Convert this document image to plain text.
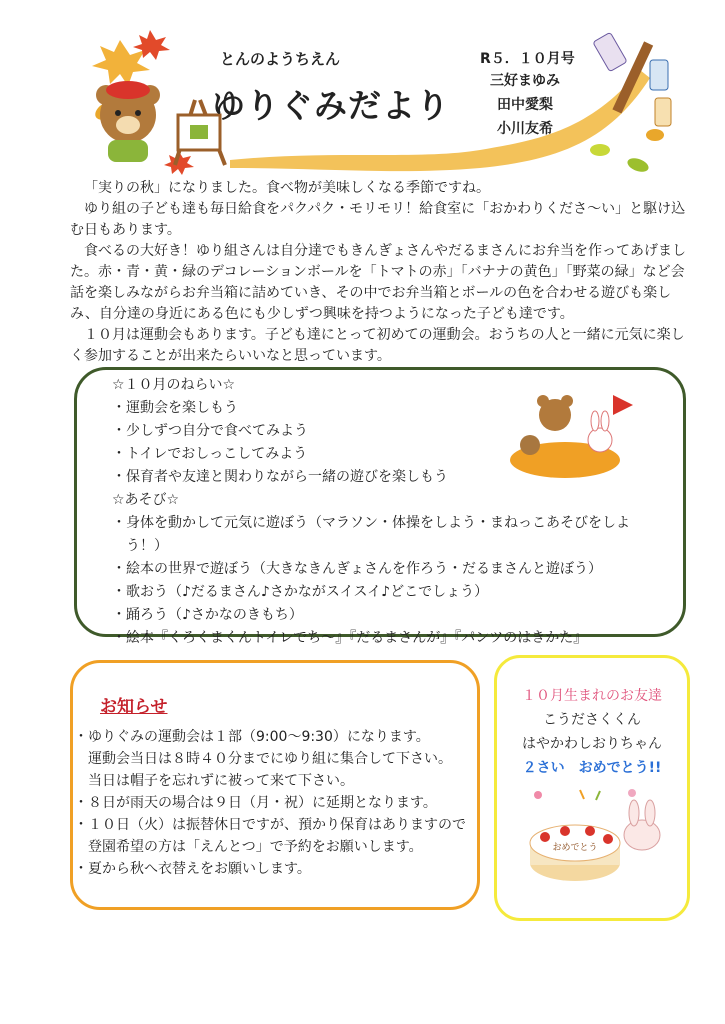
とんのようちえん
ゆりぐみだより
R５．１０月号
三好まゆみ
田中愛梨
小川友希

「実りの秋」になりました。食べ物が美味しくなる季節ですね。

ゆり組の子ども達も毎日給食をパクパク・モリモリ！給食室に「おかわりくださ〜い」と駆け込む日もあります。

食べるの大好き！ゆり組さんは自分達でもきんぎょさんやだるまさんにお弁当を作ってあげました。赤・青・黄・緑のデコレーションボールを「トマトの赤」「バナナの黄色」「野菜の緑」など会話を楽しみながらお弁当箱に詰めていき、その中でお弁当箱とボールの色を合わせる遊びも楽しみ、自分達の身近にある色にも少しずつ興味を持つようになった子ども達です。

１０月は運動会もあります。子ども達にとって初めての運動会。おうちの人と一緒に元気に楽しく参加することが出来たらいいなと思っています。

☆１０月のねらい☆
・運動会を楽しもう
・少しずつ自分で食べてみよう
・トイレでおしっこしてみよう
・保育者や友達と関わりながら一緒の遊びを楽しもう
☆あそび☆
・身体を動かして元気に遊ぼう（マラソン・体操をしよう・まねっこあそびをしよう！）
・絵本の世界で遊ぼう（大きなきんぎょさんを作ろう・だるまさんと遊ぼう）
・歌おう（♪だるまさん♪さかながスイスイ♪どこでしょう）
・踊ろう（♪さかなのきもち）
・絵本『くろくまくんトイレでち〜』『だるまさんが』『パンツのはきかた』
お知らせ
・ゆりぐみの運動会は１部（9:00〜9:30）になります。
　運動会当日は８時４０分までにゆり組に集合して下さい。
　当日は帽子を忘れずに被って来て下さい。
・８日が雨天の場合は９日（月・祝）に延期となります。
・１０日（火）は振替休日ですが、預かり保育はありますので
　登園希望の方は「えんとつ」で予約をお願いします。
・夏から秋へ衣替えをお願いします。
１０月生まれのお友達
こうださくくん
はやかわしおりちゃん
２さい　おめでとう!!
おめでとう
